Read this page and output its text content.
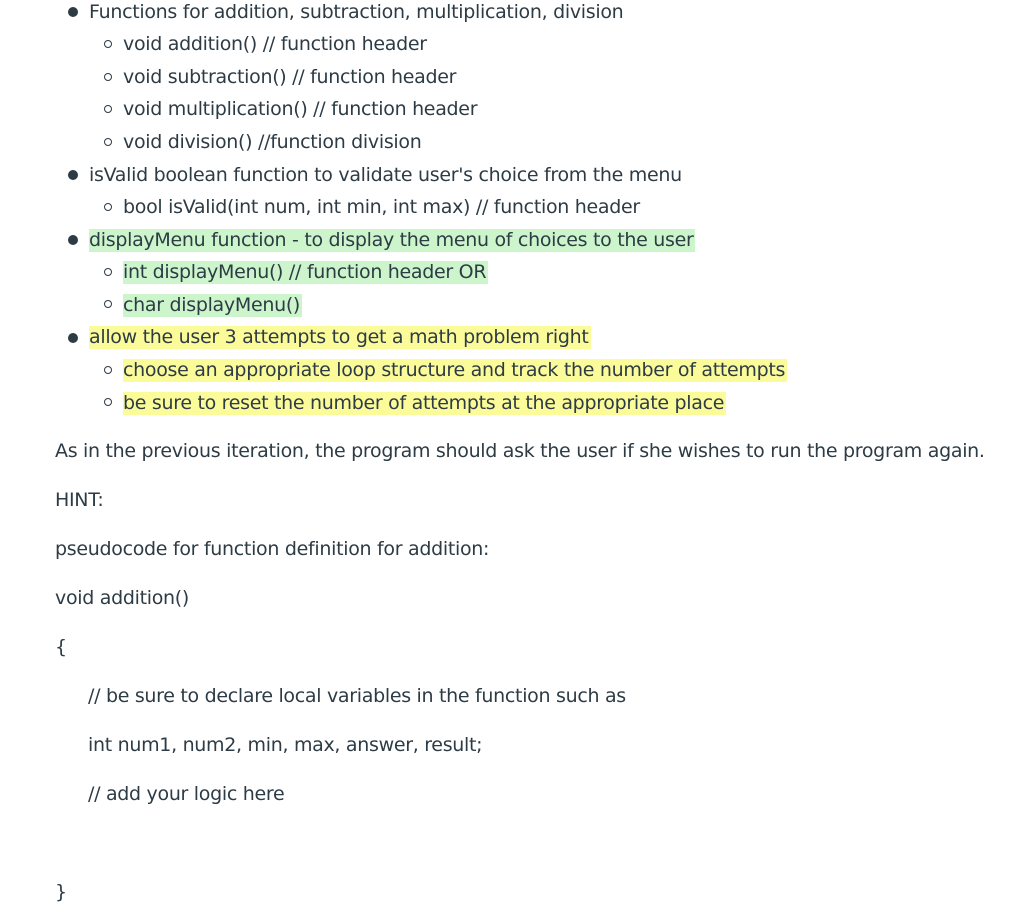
Functions for addition, subtraction, multiplication, division
void addition() // function header
void subtraction() // function header
void multiplication() // function header
void division() //function division
isValid boolean function to validate user's choice from the menu
bool isValid(int num, int min, int max) // function header
displayMenu function - to display the menu of choices to the user
int displayMenu() // function header OR
char displayMenu()
allow the user 3 attempts to get a math problem right
choose an appropriate loop structure and track the number of attempts
be sure to reset the number of attempts at the appropriate place
As in the previous iteration, the program should ask the user if she wishes to run the program again.
HINT:
pseudocode for function definition for addition:
void addition()
{
// be sure to declare local variables in the function such as
int num1, num2, min, max, answer, result;
// add your logic here
}
